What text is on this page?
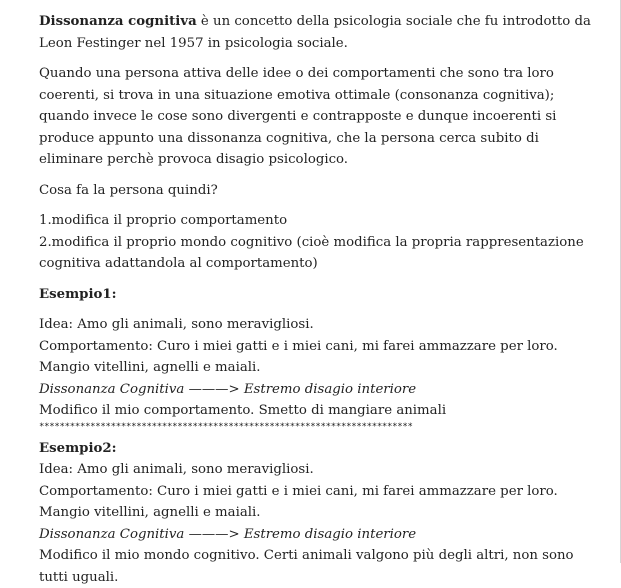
Dissonanza cognitiva è un concetto della psicologia sociale che fu introdotto da Leon Festinger nel 1957 in psicologia sociale.

Quando una persona attiva delle idee o dei comportamenti che sono tra loro coerenti, si trova in una situazione emotiva ottimale (consonanza cognitiva); quando invece le cose sono divergenti e contrapposte e dunque incoerenti si produce appunto una dissonanza cognitiva, che la persona cerca subito di eliminare perchè provoca disagio psicologico.

Cosa fa la persona quindi?

1.modifica il proprio comportamento

2.modifica il proprio mondo cognitivo (cioè modifica la propria rappresentazione cognitiva adattandola al comportamento)

Esempio1:

Idea: Amo gli animali, sono meravigliosi.

Comportamento: Curo i miei gatti e i miei cani, mi farei ammazzare per loro. Mangio vitellini, agnelli e maiali.

Dissonanza Cognitiva ———> Estremo disagio interiore

Modifico il mio comportamento. Smetto di mangiare animali

*************************************************************************

Esempio2:

Idea: Amo gli animali, sono meravigliosi.

Comportamento: Curo i miei gatti e i miei cani, mi farei ammazzare per loro. Mangio vitellini, agnelli e maiali.

Dissonanza Cognitiva ———> Estremo disagio interiore

Modifico il mio mondo cognitivo. Certi animali valgono più degli altri, non sono tutti uguali.
